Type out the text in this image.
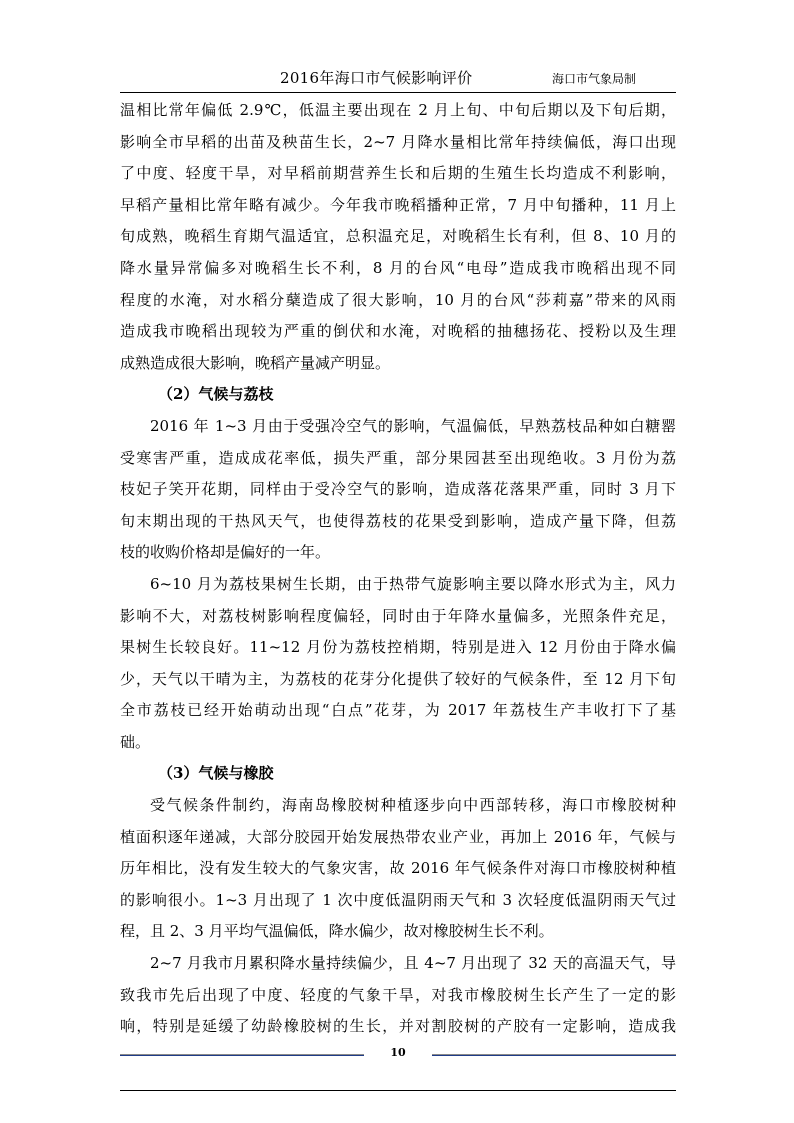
2016年海口市气候影响评价	海口市气象局制
温相比常年偏低 2.9℃，低温主要出现在 2 月上旬、中旬后期以及下旬后期，
影响全市早稻的出苗及秧苗生长，2~7 月降水量相比常年持续偏低，海口出现
了中度、轻度干旱，对早稻前期营养生长和后期的生殖生长均造成不利影响，
早稻产量相比常年略有减少。今年我市晚稻播种正常，7 月中旬播种，11 月上
旬成熟，晚稻生育期气温适宜，总积温充足，对晚稻生长有利，但 8、10 月的
降水量异常偏多对晚稻生长不利，8 月的台风“电母”造成我市晚稻出现不同
程度的水淹，对水稻分蘖造成了很大影响，10 月的台风“莎莉嘉”带来的风雨
造成我市晚稻出现较为严重的倒伏和水淹，对晚稻的抽穗扬花、授粉以及生理
成熟造成很大影响，晚稻产量减产明显。
（2）气候与荔枝
2016 年 1~3 月由于受强冷空气的影响，气温偏低，早熟荔枝品种如白糖罂
受寒害严重，造成成花率低，损失严重，部分果园甚至出现绝收。3 月份为荔
枝妃子笑开花期，同样由于受冷空气的影响，造成落花落果严重，同时 3 月下
旬末期出现的干热风天气，也使得荔枝的花果受到影响，造成产量下降，但荔
枝的收购价格却是偏好的一年。
6~10 月为荔枝果树生长期，由于热带气旋影响主要以降水形式为主，风力
影响不大，对荔枝树影响程度偏轻，同时由于年降水量偏多，光照条件充足，
果树生长较良好。11~12 月份为荔枝控梢期，特别是进入 12 月份由于降水偏
少，天气以干晴为主，为荔枝的花芽分化提供了较好的气候条件，至 12 月下旬
全市荔枝已经开始萌动出现“白点”花芽，为 2017 年荔枝生产丰收打下了基
础。
（3）气候与橡胶
受气候条件制约，海南岛橡胶树种植逐步向中西部转移，海口市橡胶树种
植面积逐年递减，大部分胶园开始发展热带农业产业，再加上 2016 年，气候与
历年相比，没有发生较大的气象灾害，故 2016 年气候条件对海口市橡胶树种植
的影响很小。1~3 月出现了 1 次中度低温阴雨天气和 3 次轻度低温阴雨天气过
程，且 2、3 月平均气温偏低，降水偏少，故对橡胶树生长不利。
2~7 月我市月累积降水量持续偏少，且 4~7 月出现了 32 天的高温天气，导
致我市先后出现了中度、轻度的气象干旱，对我市橡胶树生长产生了一定的影
响，特别是延缓了幼龄橡胶树的生长，并对割胶树的产胶有一定影响，造成我
10
